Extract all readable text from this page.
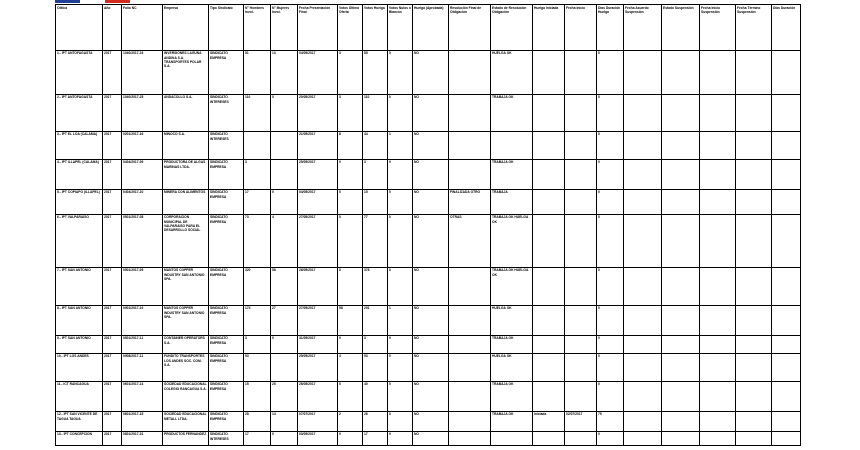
Olítica	Año	Folio NC	Empresa	Tipo Sindicato	N° Hombres Invol.	N° Mujeres Invol.	Fecha Presentación Final	Votos Última Oferta	Votos Huelga	Votos Nulos o Blancos	Huelga (Aprobada)	Resolución Final de Obligación	Estado de Resolución Obligación	Huelga Iniciada	Fecha Inicio	Días Duración Huelga	Fecha Acuerdo Suspensión	Estado Suspensión	Fecha Inicio Suspensión	Fecha Término Suspensión	Días Duración
1.- IPT ANTOFAGASTA	2017	1040/2017-24	INVERSIONES LAGUNA ANDINA S.A. TRANSPORTES POLAR S.A.	SINDICATO EMPRESA	51	13	04/05/2017	3	85	0	NO		HUELGA OK			0					
2.- IPT ANTOFAGASTA	2017	1040/2017-25	ANDACOLLO S.A.	SINDICATO INTERESES	110	0	20/05/2017	3	110	0	NO		TRABAJA OK			0					
3.- IPT EL LOA (CALAMA)	2017	0201/2017-16	MINOCO S.A.	SINDICATO INTERESES			21/05/2017	8	44	1	NO					0					
4.- IPT ILLAPEL (CALAMA)	2017	0404/2017-09	PRODUCTORA DE ALGAS MARINAS LTDA.	SINDICATO EMPRESA	3		25/05/2017	0	3	0	NO		TRABAJA OK			0					
5.- IPT COPIAPO (ILLAPEL)	2017	0404/2017-10	MINERA CON ALIMENTOS	SINDICATO EMPRESA	17	0	04/05/2017	0	15	0	NO	FINALIZADA OTRO	TRABAJA			0					
6.- IPT VALPARAISO	2017	0501/2017-08	CORPORACION MUNICIPAL DE VALPARAISO PARA EL DESARROLLO SOCIAL	SINDICATO EMPRESA	73	4	27/05/2017	0	77	0	NO	OTRAS	TRABAJA OK HUELGA OK			0					
7.- IPT SAN ANTONIO	2017	0501/2017-09	MANTOS COPPER INDUSTRY SAN ANTONIO SPA.	SINDICATO EMPRESA	320	58	26/05/2017	0	378	0	NO		TRABAJA OK HUELGA OK			0					
8.- IPT SAN ANTONIO	2017	0501/2017-10	MANTOS COPPER INDUSTRY SAN ANTONIO SPA.	SINDICATO EMPRESA	174	27	27/05/2017	58	201	1	NO		HUELGA OK			0					
9.- IPT SAN ANTONIO	2017	0501/2017-11	CONTAINER OPERATORS S.A.	SINDICATO EMPRESA	3	0	31/05/2017	0	3	0	NO		TRABAJA OK			0					
10.- IPT LOS ANDES	2017	0508/2017-11	FUNDITO TRANSPORTES LOS ANDES SOC. COM. S.A.	SINDICATO EMPRESA	53		25/05/2017	4	53	0	NO		HUELGA OK			0					
11.- ICT RANCAGUA	2017	0601/2017-14	SOCIEDAD EDUCACIONAL COLEGIO RANCAGUA S.A.	SINDICATO EMPRESA	15	25	26/05/2017	0	40	0	NO		TRABAJA OK			0					
12.- IPT SAN VICENTE DE TAGUA TAGUA	2017	0601/2017-15	SOCIEDAD EDUCACIONAL METALL LTDA.	SINDICATO EMPRESA	28	14	07/07/2017	2	26	0	NO		TRABAJA OK	Iniciada	02/07/2017	75					
13.- IPT CONCEPCION	2017	0801/2017-31	PRODUCTOS FERNANDEZ	SINDICATO INTERESES	17	0	03/05/2017	0	17	0	NO					0					
